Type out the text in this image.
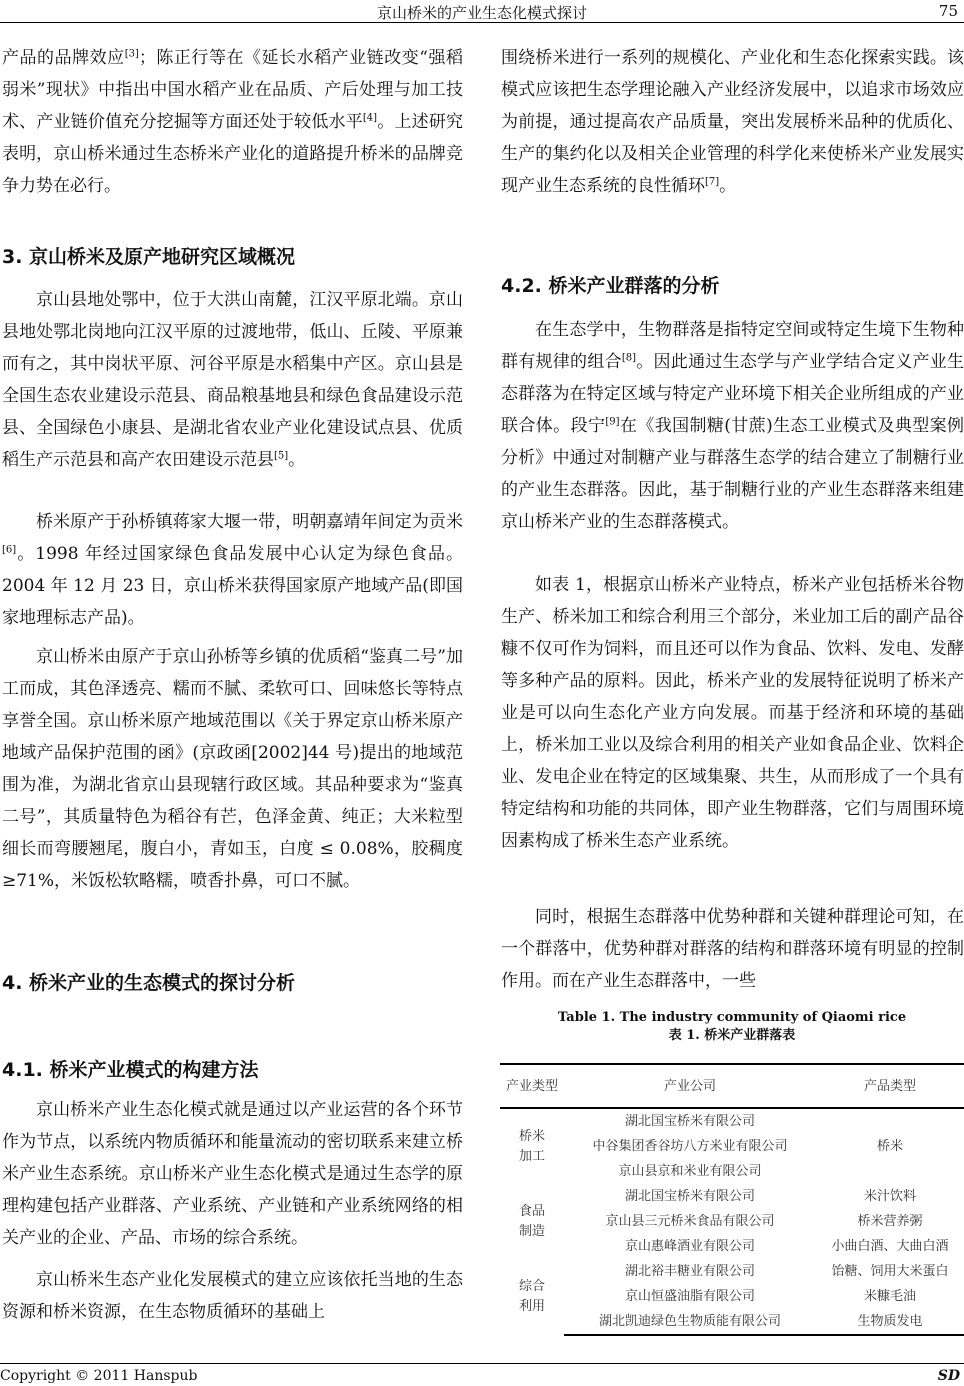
京山桥米的产业生态化模式探讨	75
产品的品牌效应[3]；陈正行等在《延长水稻产业链改变“强稻弱米”现状》中指出中国水稻产业在品质、产后处理与加工技术、产业链价值充分挖掘等方面还处于较低水平[4]。上述研究表明，京山桥米通过生态桥米产业化的道路提升桥米的品牌竞争力势在必行。
3. 京山桥米及原产地研究区域概况
京山县地处鄂中，位于大洪山南麓，江汉平原北端。京山县地处鄂北岗地向江汉平原的过渡地带，低山、丘陵、平原兼而有之，其中岗状平原、河谷平原是水稻集中产区。京山县是全国生态农业建设示范县、商品粮基地县和绿色食品建设示范县、全国绿色小康县、是湖北省农业产业化建设试点县、优质稻生产示范县和高产农田建设示范县[5]。
桥米原产于孙桥镇蒋家大堰一带，明朝嘉靖年间定为贡米[6]。1998 年经过国家绿色食品发展中心认定为绿色食品。2004 年 12 月 23 日，京山桥米获得国家原产地域产品(即国家地理标志产品)。
京山桥米由原产于京山孙桥等乡镇的优质稻“鉴真二号”加工而成，其色泽透亮、糯而不腻、柔软可口、回味悠长等特点享誉全国。京山桥米原产地域范围以《关于界定京山桥米原产地域产品保护范围的函》(京政函[2002]44 号)提出的地域范围为准，为湖北省京山县现辖行政区域。其品种要求为“鉴真二号”，其质量特色为稻谷有芒，色泽金黄、纯正；大米粒型细长而弯腰翘尾，腹白小，青如玉，白度 ≤ 0.08%，胶稠度 ≥71%，米饭松软略糯，喷香扑鼻，可口不腻。
4. 桥米产业的生态模式的探讨分析
4.1. 桥米产业模式的构建方法
京山桥米产业生态化模式就是通过以产业运营的各个环节作为节点，以系统内物质循环和能量流动的密切联系来建立桥米产业生态系统。京山桥米产业生态化模式是通过生态学的原理构建包括产业群落、产业系统、产业链和产业系统网络的相关产业的企业、产品、市场的综合系统。
京山桥米生态产业化发展模式的建立应该依托当地的生态资源和桥米资源，在生态物质循环的基础上
围绕桥米进行一系列的规模化、产业化和生态化探索实践。该模式应该把生态学理论融入产业经济发展中，以追求市场效应为前提，通过提高农产品质量，突出发展桥米品种的优质化、生产的集约化以及相关企业管理的科学化来使桥米产业发展实现产业生态系统的良性循环[7]。
4.2. 桥米产业群落的分析
在生态学中，生物群落是指特定空间或特定生境下生物种群有规律的组合[8]。因此通过生态学与产业学结合定义产业生态群落为在特定区域与特定产业环境下相关企业所组成的产业联合体。段宁[9]在《我国制糖(甘蔗)生态工业模式及典型案例分析》中通过对制糖产业与群落生态学的结合建立了制糖行业的产业生态群落。因此，基于制糖行业的产业生态群落来组建京山桥米产业的生态群落模式。
如表 1，根据京山桥米产业特点，桥米产业包括桥米谷物生产、桥米加工和综合利用三个部分，米业加工后的副产品谷糠不仅可作为饲料，而且还可以作为食品、饮料、发电、发酵等多种产品的原料。因此，桥米产业的发展特征说明了桥米产业是可以向生态化产业方向发展。而基于经济和环境的基础上，桥米加工业以及综合利用的相关产业如食品企业、饮料企业、发电企业在特定的区域集聚、共生，从而形成了一个具有特定结构和功能的共同体，即产业生物群落，它们与周围环境因素构成了桥米生态产业系统。
同时，根据生态群落中优势种群和关键种群理论可知，在一个群落中，优势种群对群落的结构和群落环境有明显的控制作用。而在产业生态群落中，一些
Table 1. The industry community of Qiaomi rice
表 1. 桥米产业群落表
产业类型	产业公司	产品类型
桥米加工	湖北国宝桥米有限公司	桥米
	中谷集团香谷坊八方米业有限公司	
	京山县京和米业有限公司	
食品制造	湖北国宝桥米有限公司	米汁饮料
	京山县三元桥米食品有限公司	桥米营养粥
	京山惠峰酒业有限公司	小曲白酒、大曲白酒
综合利用	湖北裕丰糖业有限公司	饴糖、饲用大米蛋白
	京山恒盛油脂有限公司	米糠毛油
	湖北凯迪绿色生物质能有限公司	生物质发电
Copyright © 2011 Hanspub	SD
